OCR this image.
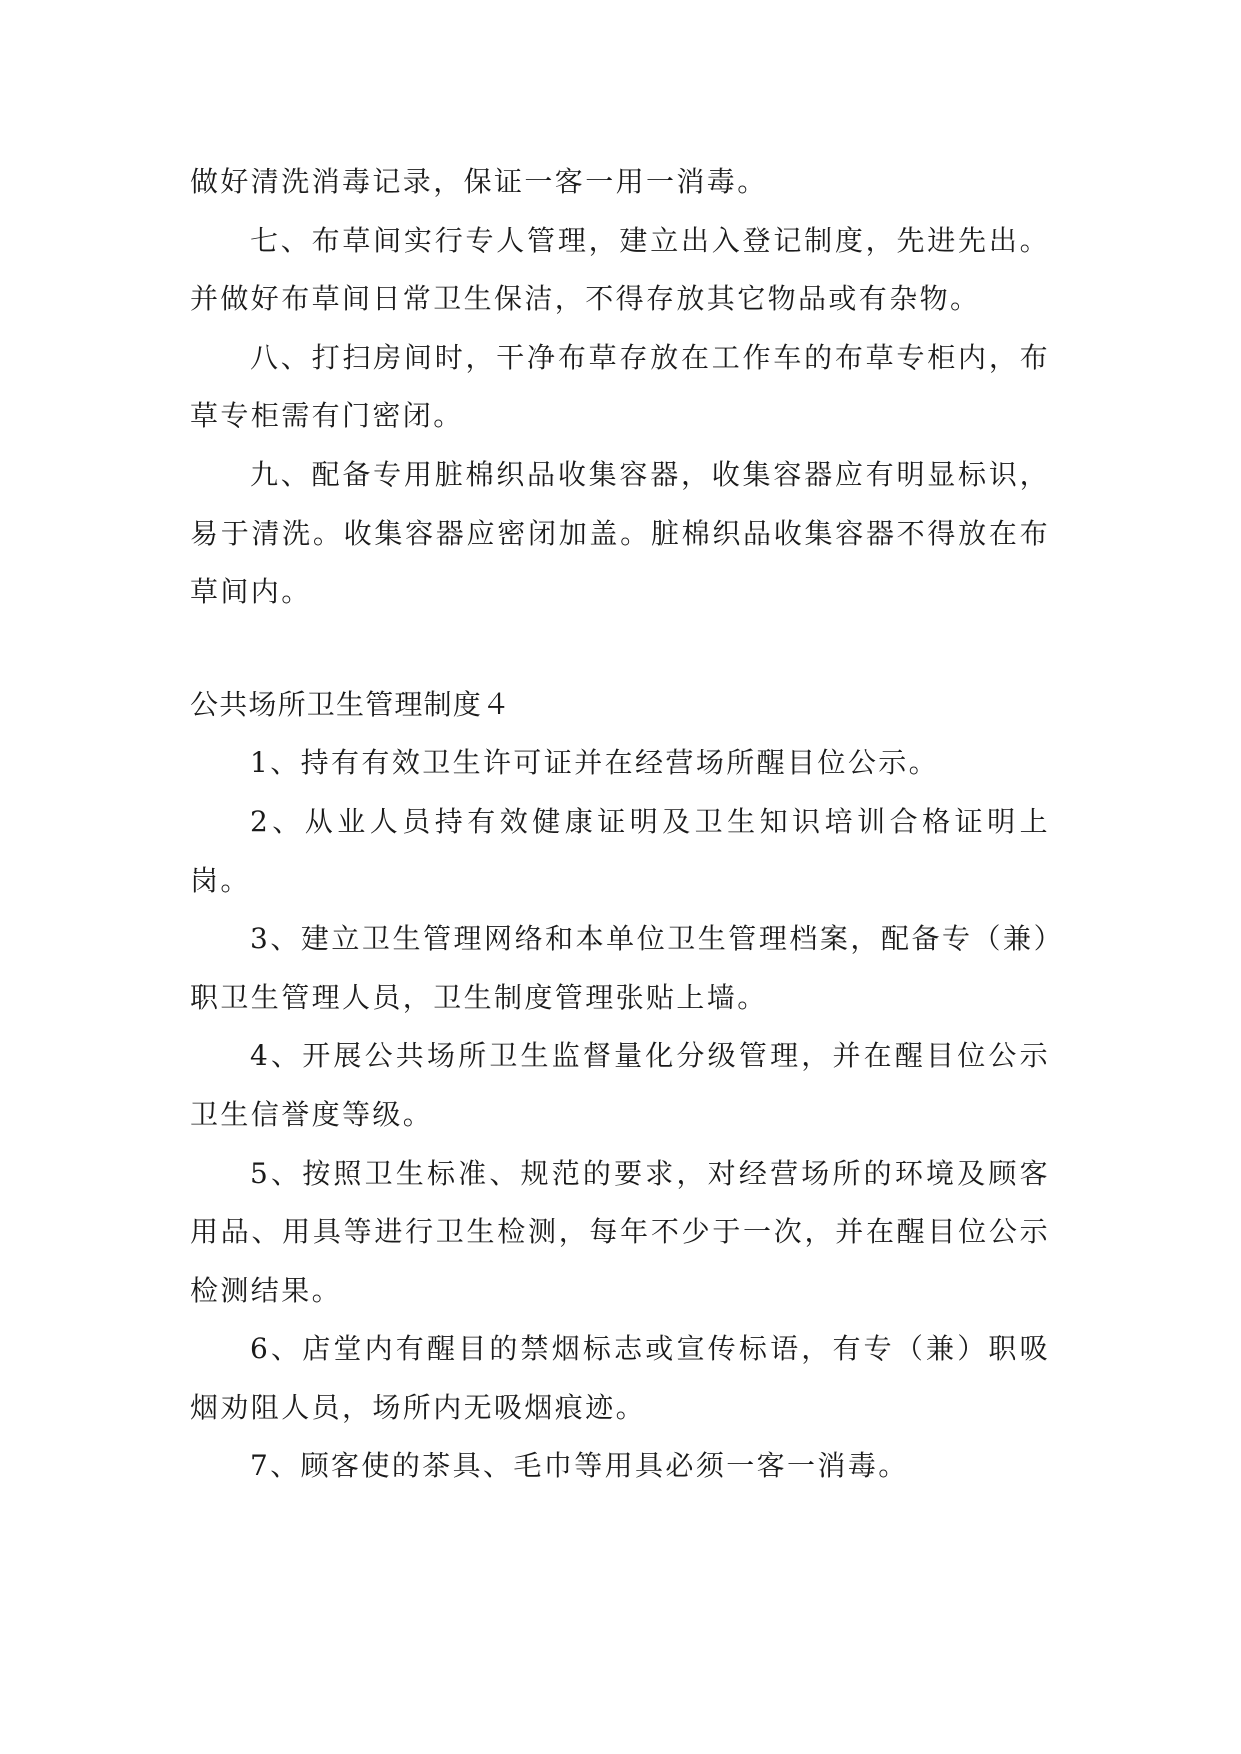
做好清洗消毒记录，保证一客一用一消毒。

七、布草间实行专人管理，建立出入登记制度，先进先出。并做好布草间日常卫生保洁，不得存放其它物品或有杂物。

八、打扫房间时，干净布草存放在工作车的布草专柜内，布草专柜需有门密闭。

九、配备专用脏棉织品收集容器，收集容器应有明显标识，易于清洗。收集容器应密闭加盖。脏棉织品收集容器不得放在布草间内。

公共场所卫生管理制度４

1、持有有效卫生许可证并在经营场所醒目位公示。

2、从业人员持有效健康证明及卫生知识培训合格证明上岗。

3、建立卫生管理网络和本单位卫生管理档案，配备专（兼）职卫生管理人员，卫生制度管理张贴上墙。

4、开展公共场所卫生监督量化分级管理，并在醒目位公示卫生信誉度等级。

5、按照卫生标准、规范的要求，对经营场所的环境及顾客用品、用具等进行卫生检测，每年不少于一次，并在醒目位公示检测结果。

6、店堂内有醒目的禁烟标志或宣传标语，有专（兼）职吸烟劝阻人员，场所内无吸烟痕迹。

7、顾客使的茶具、毛巾等用具必须一客一消毒。
